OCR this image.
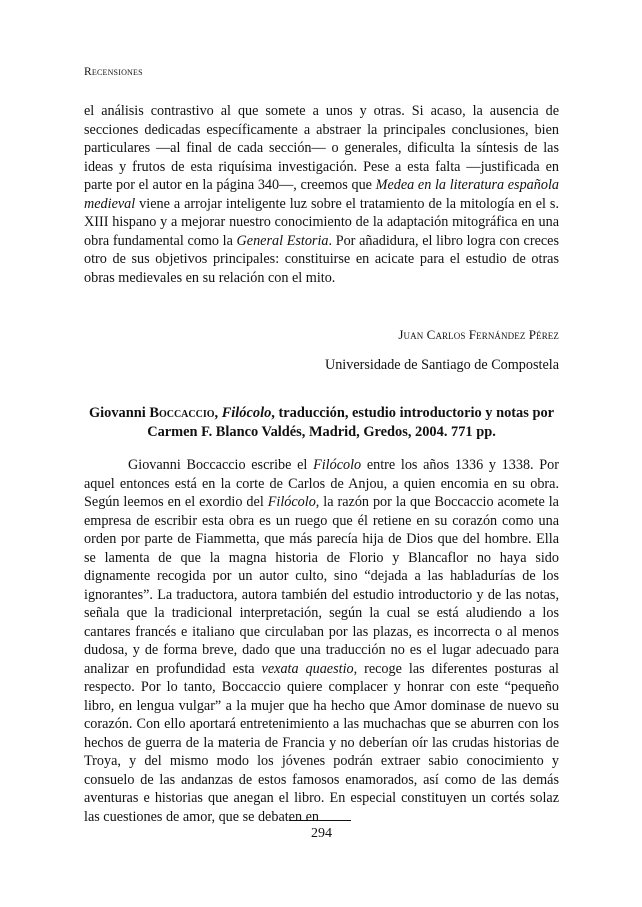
Recensiones

el análisis contrastivo al que somete a unos y otras. Si acaso, la ausencia de secciones dedicadas específicamente a abstraer la principales conclusiones, bien particulares —al final de cada sección— o generales, dificulta la síntesis de las ideas y frutos de esta riquísima investigación. Pese a esta falta —justificada en parte por el autor en la página 340—, creemos que Medea en la literatura española medieval viene a arrojar inteligente luz sobre el tratamiento de la mitología en el s. XIII hispano y a mejorar nuestro conocimiento de la adaptación mitográfica en una obra fundamental como la General Estoria. Por añadidura, el libro logra con creces otro de sus objetivos principales: constituirse en acicate para el estudio de otras obras medievales en su relación con el mito.

Juan Carlos Fernández Pérez
Universidade de Santiago de Compostela
Giovanni Boccaccio, Filócolo, traducción, estudio introductorio y notas por Carmen F. Blanco Valdés, Madrid, Gredos, 2004. 771 pp.

Giovanni Boccaccio escribe el Filócolo entre los años 1336 y 1338. Por aquel entonces está en la corte de Carlos de Anjou, a quien encomia en su obra. Según leemos en el exordio del Filócolo, la razón por la que Boccaccio acomete la empresa de escribir esta obra es un ruego que él retiene en su corazón como una orden por parte de Fiammetta, que más parecía hija de Dios que del hombre. Ella se lamenta de que la magna historia de Florio y Blancaflor no haya sido dignamente recogida por un autor culto, sino “dejada a las habladurías de los ignorantes”. La traductora, autora también del estudio introductorio y de las notas, señala que la tradicional interpretación, según la cual se está aludiendo a los cantares francés e italiano que circulaban por las plazas, es incorrecta o al menos dudosa, y de forma breve, dado que una traducción no es el lugar adecuado para analizar en profundidad esta vexata quaestio, recoge las diferentes posturas al respecto. Por lo tanto, Boccaccio quiere complacer y honrar con este “pequeño libro, en lengua vulgar” a la mujer que ha hecho que Amor dominase de nuevo su corazón. Con ello aportará entretenimiento a las muchachas que se aburren con los hechos de guerra de la materia de Francia y no deberían oír las crudas historias de Troya, y del mismo modo los jóvenes podrán extraer sabio conocimiento y consuelo de las andanzas de estos famosos enamorados, así como de las demás aventuras e historias que anegan el libro. En especial constituyen un cortés solaz las cuestiones de amor, que se debaten en

294
